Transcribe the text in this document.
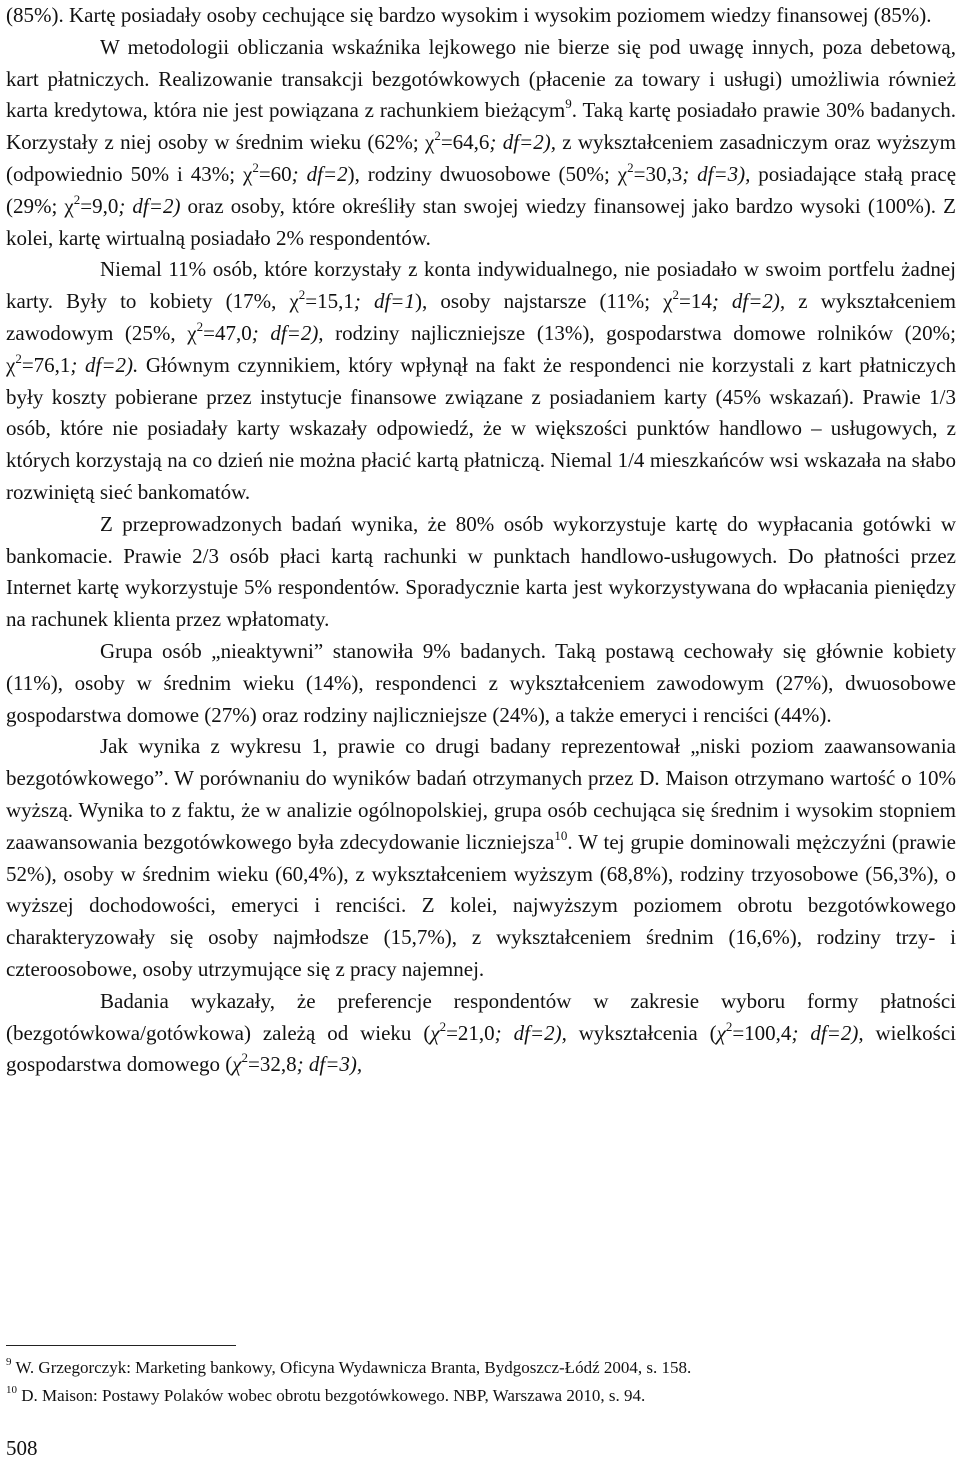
(85%). Kartę posiadały osoby cechujące się bardzo wysokim i wysokim poziomem wiedzy finansowej (85%).

W metodologii obliczania wskaźnika lejkowego nie bierze się pod uwagę innych, poza debetową, kart płatniczych. Realizowanie transakcji bezgotówkowych (płacenie za towary i usługi) umożliwia również karta kredytowa, która nie jest powiązana z rachunkiem bieżącym$^9$. Taką kartę posiadało prawie 30% badanych. Korzystały z niej osoby w średnim wieku (62%; $\chi^2=64,6$; df=2), z wykształceniem zasadniczym oraz wyższym (odpowiednio 50% i 43%; $\chi^2=60$; df=2), rodziny dwuosobowe (50%; $\chi^2=30,3$; df=3), posiadające stałą pracę (29%; $\chi^2=9,0$; df=2) oraz osoby, które określiły stan swojej wiedzy finansowej jako bardzo wysoki (100%). Z kolei, kartę wirtualną posiadało 2% respondentów.

Niemal 11% osób, które korzystały z konta indywidualnego, nie posiadało w swoim portfelu żadnej karty. Były to kobiety (17%, $\chi^2=15,1$; df=1), osoby najstarsze (11%; $\chi^2=14$; df=2), z wykształceniem zawodowym (25%, $\chi^2=47,0$; df=2), rodziny najliczniejsze (13%), gospodarstwa domowe rolników (20%; $\chi^2=76,1$; df=2). Głównym czynnikiem, który wpłynął na fakt że respondenci nie korzystali z kart płatniczych były koszty pobierane przez instytucje finansowe związane z posiadaniem karty (45% wskazań). Prawie 1/3 osób, które nie posiadały karty wskazały odpowiedź, że w większości punktów handlowo – usługowych, z których korzystają na co dzień nie można płacić kartą płatniczą. Niemal 1/4 mieszkańców wsi wskazała na słabo rozwiniętą sieć bankomatów.

Z przeprowadzonych badań wynika, że 80% osób wykorzystuje kartę do wypłacania gotówki w bankomacie. Prawie 2/3 osób płaci kartą rachunki w punktach handlowo-usługowych. Do płatności przez Internet kartę wykorzystuje 5% respondentów. Sporadycznie karta jest wykorzystywana do wpłacania pieniędzy na rachunek klienta przez wpłatomaty.

Grupa osób „nieaktywni” stanowiła 9% badanych. Taką postawą cechowały się głównie kobiety (11%), osoby w średnim wieku (14%), respondenci z wykształceniem zawodowym (27%), dwuosobowe gospodarstwa domowe (27%) oraz rodziny najliczniejsze (24%), a także emeryci i renciści (44%).

Jak wynika z wykresu 1, prawie co drugi badany reprezentował „niski poziom zaawansowania bezgotówkowego”. W porównaniu do wyników badań otrzymanych przez D. Maison otrzymano wartość o 10% wyższą. Wynika to z faktu, że w analizie ogólnopolskiej, grupa osób cechująca się średnim i wysokim stopniem zaawansowania bezgotówkowego była zdecydowanie liczniejsza$^{10}$. W tej grupie dominowali mężczyźni (prawie 52%), osoby w średnim wieku (60,4%), z wykształceniem wyższym (68,8%), rodziny trzyosobowe (56,3%), o wyższej dochodowości, emeryci i renciści. Z kolei, najwyższym poziomem obrotu bezgotówkowego charakteryzowały się osoby najmłodsze (15,7%), z wykształceniem średnim (16,6%), rodziny trzy- i czteroosobowe, osoby utrzymujące się z pracy najemnej.

Badania wykazały, że preferencje respondentów w zakresie wyboru formy płatności (bezgotówkowa/gotówkowa) zależą od wieku ($\chi^2=21,0$; df=2), wykształcenia ($\chi^2=100,4$; df=2), wielkości gospodarstwa domowego ($\chi^2=32,8$; df=3),

$^9$ W. Grzegorczyk: Marketing bankowy, Oficyna Wydawnicza Branta, Bydgoszcz-Łódź 2004, s. 158.

$^{10}$ D. Maison: Postawy Polaków wobec obrotu bezgotówkowego. NBP, Warszawa 2010, s. 94.

508
